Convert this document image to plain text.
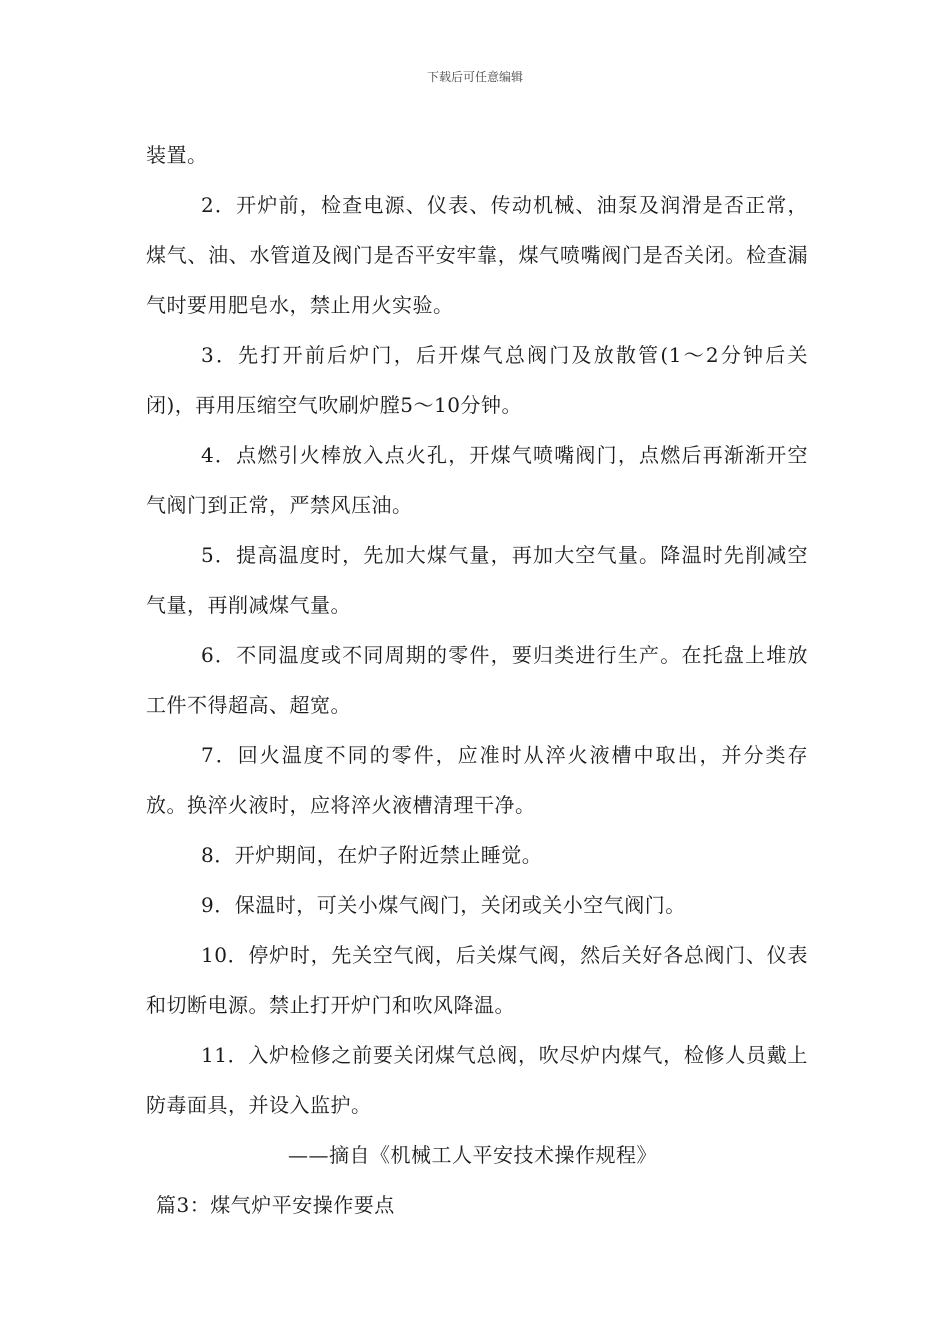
下载后可任意编辑

装置。

2．开炉前，检查电源、仪表、传动机械、油泵及润滑是否正常，煤气、油、水管道及阀门是否平安牢靠，煤气喷嘴阀门是否关闭。检查漏气时要用肥皂水，禁止用火实验。

3．先打开前后炉门，后开煤气总阀门及放散管(1～2分钟后关闭)，再用压缩空气吹刷炉膛5～10分钟。

4．点燃引火棒放入点火孔，开煤气喷嘴阀门，点燃后再渐渐开空气阀门到正常，严禁风压油。

5．提高温度时，先加大煤气量，再加大空气量。降温时先削减空气量，再削减煤气量。

6．不同温度或不同周期的零件，要归类进行生产。在托盘上堆放工件不得超高、超宽。

7．回火温度不同的零件，应准时从淬火液槽中取出，并分类存放。换淬火液时，应将淬火液槽清理干净。

8．开炉期间，在炉子附近禁止睡觉。

9．保温时，可关小煤气阀门，关闭或关小空气阀门。

10．停炉时，先关空气阀，后关煤气阀，然后关好各总阀门、仪表和切断电源。禁止打开炉门和吹风降温。

11．入炉检修之前要关闭煤气总阀，吹尽炉内煤气，检修人员戴上防毒面具，并设入监护。

——摘自《机械工人平安技术操作规程》

篇3：煤气炉平安操作要点
